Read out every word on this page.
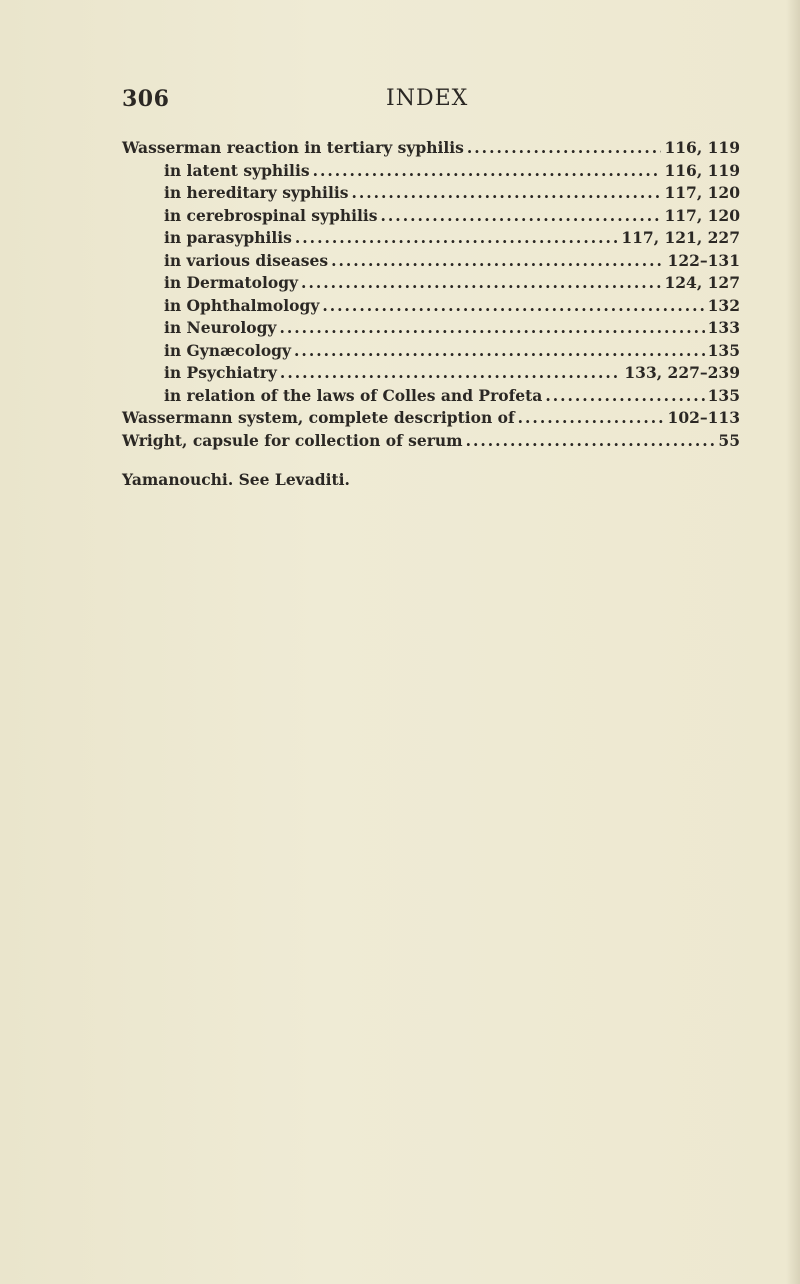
306	INDEX
Wasserman reaction in tertiary syphilis .....	116, 119
in latent syphilis .....	116, 119
in hereditary syphilis .....	117, 120
in cerebrospinal syphilis .....	117, 120
in parasyphilis .....	117, 121, 227
in various diseases .....	122–131
in Dermatology .....	124, 127
in Ophthalmology .....	132
in Neurology .....	133
in Gynæcology .....	135
in Psychiatry .....	133, 227–239
in relation of the laws of Colles and Profeta .....	135
Wassermann system, complete description of .....	102–113
Wright, capsule for collection of serum .....	55
Yamanouchi. See Levaditi.
